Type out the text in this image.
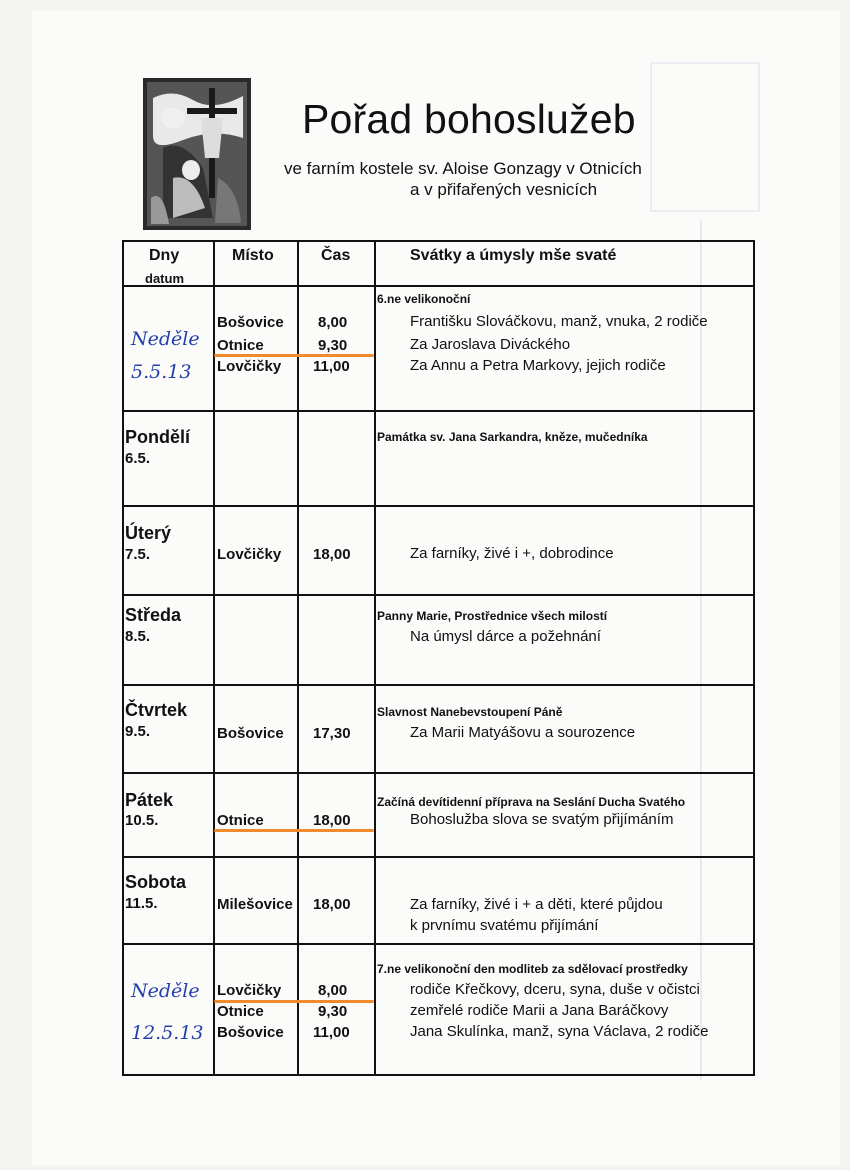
Pořad bohoslužeb
ve farním kostele sv. Aloise Gonzagy v Otnicích
a v přifařených vesnicích
Dny
datum
Místo	Čas	Svátky a úmysly mše svaté
Neděle
5.5.13
6.ne velikonoční
Bošovice 8,00	Františku Slováčkovu, manž, vnuka, 2 rodiče
Otnice	9,30	Za Jaroslava Diváckého
Lovčičky 11,00	Za Annu a Petra Markovy, jejich rodiče
Pondělí
6.5.
Památka sv. Jana Sarkandra, kněze, mučedníka
Úterý
7.5.	Lovčičky 18,00	Za farníky, živé i +, dobrodince
Středa
8.5.
Panny Marie, Prostřednice všech milostí
Na úmysl dárce a požehnání
Čtvrtek
9.5.
Slavnost Nanebevstoupení Páně
Bošovice 17,30	Za Marii Matyášovu a sourozence
Pátek
10.5.
Začíná devítidenní příprava na Seslání Ducha Svatého
Otnice	18,00	Bohoslužba slova se svatým přijímáním
Sobota
11.5.	Milešovice 18,00	Za farníky, živé i + a děti, které půjdou
k prvnímu svatému přijímání
Neděle
12.5.13
7.ne velikonoční den modliteb za sdělovací prostředky
Lovčičky 8,00	rodiče Křečkovy, dceru, syna, duše v očistci
Otnice	9,30	zemřelé rodiče Marii a Jana Baráčkovy
Bošovice 11,00	Jana Skulínka, manž, syna Václava, 2 rodiče
